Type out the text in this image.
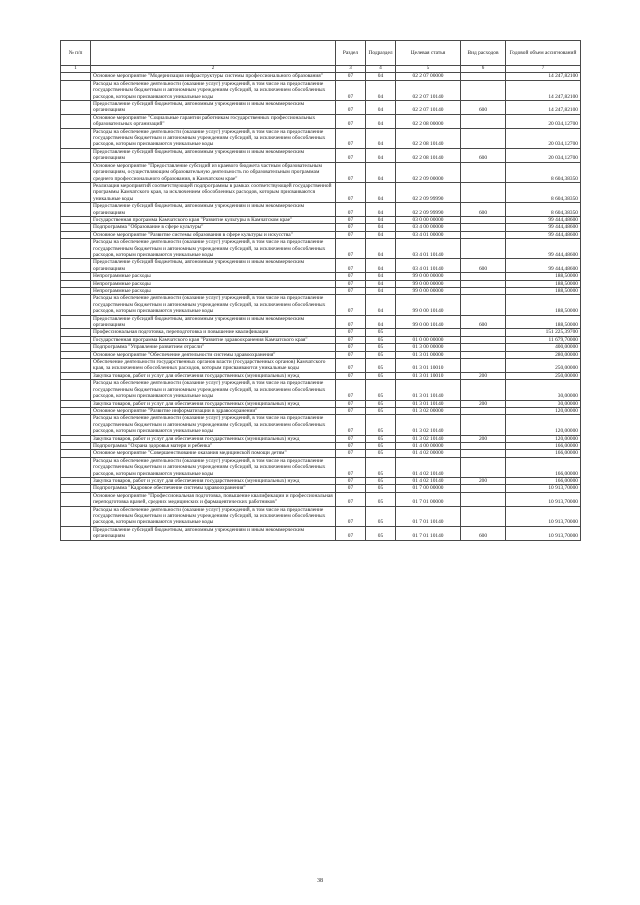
№ п/п		Раздел	Подраздел	Целевая статья	Вид расходов	Годовой объем ассигнований
1	2	3	4	5	6	7
	Основное мероприятие "Модернизация инфраструктуры системы профессионального образования"	07	04	02 2 07 00000		14 247,82100
	Расходы на обеспечение деятельности (оказание услуг) учреждений, в том числе на предоставление государственным бюджетным и автономным учреждениям субсидий, за исключением обособленных расходов, которым присваиваются уникальные коды	07	04	02 2 07 10140		14 247,82100
	Предоставление субсидий бюджетным, автономным учреждениям и иным некоммерческим организациям	07	04	02 2 07 10140	600	14 247,82100
	Основное мероприятие "Социальные гарантии работникам государственных профессиональных образовательных организаций"	07	04	02 2 08 00000		20 034,12700
	Расходы на обеспечение деятельности (оказание услуг) учреждений, в том числе на предоставление государственным бюджетным и автономным учреждениям субсидий, за исключением обособленных расходов, которым присваиваются уникальные коды	07	04	02 2 08 10140		20 034,12700
	Предоставление субсидий бюджетным, автономным учреждениям и иным некоммерческим организациям	07	04	02 2 08 10140	600	20 034,12700
	Основное мероприятие "Предоставление субсидий из краевого бюджета частным образовательным организациям, осуществляющим образовательную деятельность по образовательным программам среднего профессионального образования, в Камчатском крае"	07	04	02 2 09 00000		8 604,38350
	Реализация мероприятий соответствующей подпрограммы в рамках соответствующей государственной программы Камчатского края, за исключением обособленных расходов, которым присваиваются уникальные коды	07	04	02 2 09 99990		8 604,38350
	Предоставление субсидий бюджетным, автономным учреждениям и иным некоммерческим организациям	07	04	02 2 09 99990	600	8 604,38350
	Государственная программа Камчатского края "Развитие культуры в Камчатском крае"	07	04	03 0 00 00000		99 444,48600
	Подпрограмма "Образование в сфере культуры"	07	04	03 4 00 00000		99 444,48600
	Основное мероприятие "Развитие системы образования в сфере культуры и искусства"	07	04	03 4 01 00000		99 444,48600
	Расходы на обеспечение деятельности (оказание услуг) учреждений, в том числе на предоставление государственным бюджетным и автономным учреждениям субсидий, за исключением обособленных расходов, которым присваиваются уникальные коды	07	04	03 4 01 10140		99 444,48600
	Предоставление субсидий бюджетным, автономным учреждениям и иным некоммерческим организациям	07	04	03 4 01 10140	600	99 444,48600
	Непрограммные расходы	07	04	99 0 00 00000		188,50000
	Непрограммные расходы	07	04	99 0 00 00000		188,50000
	Непрограммные расходы	07	04	99 0 00 00000		188,50000
	Расходы на обеспечение деятельности (оказание услуг) учреждений, в том числе на предоставление государственным бюджетным и автономным учреждениям субсидий, за исключением обособленных расходов, которым присваиваются уникальные коды	07	04	99 0 00 10140		188,50000
	Предоставление субсидий бюджетным, автономным учреждениям и иным некоммерческим организациям	07	04	99 0 00 10140	600	188,50000
	Профессиональная подготовка, переподготовка и повышение квалификации	07	05			151 225,39700
	Государственная программа Камчатского края "Развитие здравоохранения Камчатского края"	07	05	01 0 00 00000		11 679,70000
	Подпрограмма "Управление развитием отрасли"	07	05	01 3 00 00000		400,00000
	Основное мероприятие "Обеспечение деятельности системы здравоохранения"	07	05	01 3 01 00000		280,00000
	Обеспечение деятельности государственных органов власти (государственных органов) Камчатского края, за исключением обособленных расходов, которым присваиваются уникальные коды	07	05	01 3 01 10010		250,00000
	Закупка товаров, работ и услуг для обеспечения государственных (муниципальных) нужд	07	05	01 3 01 10010	200	250,00000
	Расходы на обеспечение деятельности (оказание услуг) учреждений, в том числе на предоставление государственным бюджетным и автономным учреждениям субсидий, за исключением обособленных расходов, которым присваиваются уникальные коды	07	05	01 3 01 10140		30,00000
	Закупка товаров, работ и услуг для обеспечения государственных (муниципальных) нужд	07	05	01 3 01 10140	200	30,00000
	Основное мероприятие "Развитие информатизации в здравоохранении"	07	05	01 3 02 00000		120,00000
	Расходы на обеспечение деятельности (оказание услуг) учреждений, в том числе на предоставление государственным бюджетным и автономным учреждениям субсидий, за исключением обособленных расходов, которым присваиваются уникальные коды	07	05	01 3 02 10140		120,00000
	Закупка товаров, работ и услуг для обеспечения государственных (муниципальных) нужд	07	05	01 3 02 10140	200	120,00000
	Подпрограмма "Охрана здоровья матери и ребенка"	07	05	01 4 00 00000		166,00000
	Основное мероприятие "Совершенствование оказания медицинской помощи детям"	07	05	01 4 02 00000		166,00000
	Расходы на обеспечение деятельности (оказание услуг) учреждений, в том числе на предоставление государственным бюджетным и автономным учреждениям субсидий, за исключением обособленных расходов, которым присваиваются уникальные коды	07	05	01 4 02 10140		166,00000
	Закупка товаров, работ и услуг для обеспечения государственных (муниципальных) нужд	07	05	01 4 02 10140	200	166,00000
	Подпрограмма "Кадровое обеспечение системы здравоохранения"	07	05	01 7 00 00000		10 913,70000
	Основное мероприятие "Профессиональная подготовка, повышение квалификации и профессиональная переподготовка врачей, средних медицинских и фармацевтических работников"	07	05	01 7 01 00000		10 913,70000
	Расходы на обеспечение деятельности (оказание услуг) учреждений, в том числе на предоставление государственным бюджетным и автономным учреждениям субсидий, за исключением обособленных расходов, которым присваиваются уникальные коды	07	05	01 7 01 10140		10 913,70000
	Предоставление субсидий бюджетным, автономным учреждениям и иным некоммерческим организациям	07	05	01 7 01 10140	600	10 913,70000
38
